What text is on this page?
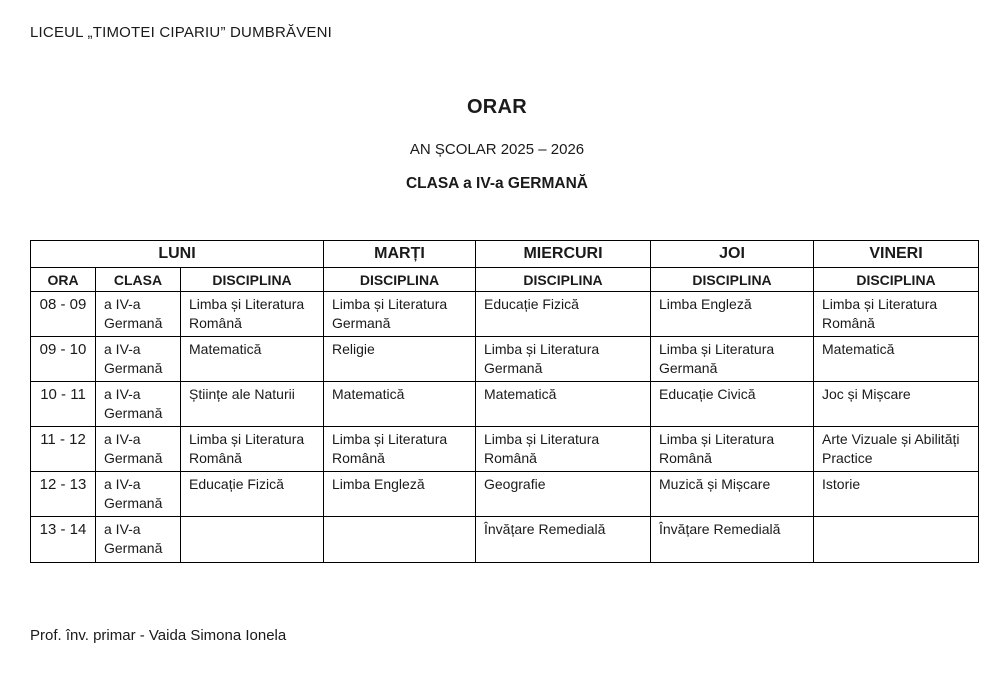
LICEUL „TIMOTEI CIPARIU” DUMBRĂVENI
ORAR
AN ȘCOLAR 2025 – 2026
CLASA a IV-a GERMANĂ
LUNI			MARȚI	MIERCURI	JOI	VINERI
ORA	CLASA	DISCIPLINA	DISCIPLINA	DISCIPLINA	DISCIPLINA	DISCIPLINA
08 - 09	a IV-a Germană	Limba și Literatura Română	Limba și Literatura Germană	Educație Fizică	Limba Engleză	Limba și Literatura Română
09 - 10	a IV-a Germană	Matematică	Religie	Limba și Literatura Germană	Limba și Literatura Germană	Matematică
10 - 11	a IV-a Germană	Științe ale Naturii	Matematică	Matematică	Educație Civică	Joc și Mișcare
11 - 12	a IV-a Germană	Limba și Literatura Română	Limba și Literatura Română	Limba și Literatura Română	Limba și Literatura Română	Arte Vizuale și Abilități Practice
12 - 13	a IV-a Germană	Educație Fizică	Limba Engleză	Geografie	Muzică și Mișcare	Istorie
13 - 14	a IV-a Germană			Învățare Remedială	Învățare Remedială	
Prof. înv. primar - Vaida Simona Ionela
